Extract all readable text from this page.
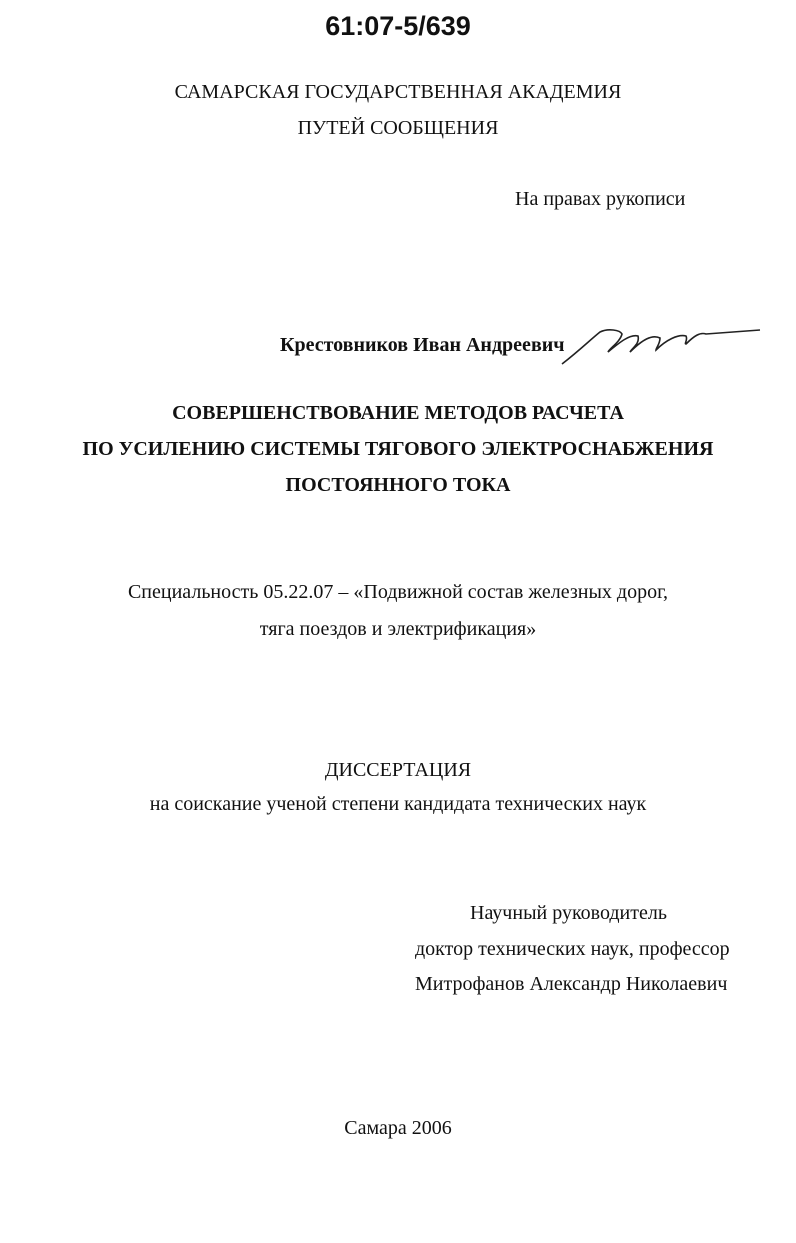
61:07-5/639
САМАРСКАЯ ГОСУДАРСТВЕННАЯ АКАДЕМИЯ
ПУТЕЙ СООБЩЕНИЯ
На правах рукописи
Крестовников Иван Андреевич
СОВЕРШЕНСТВОВАНИЕ МЕТОДОВ РАСЧЕТА
ПО УСИЛЕНИЮ СИСТЕМЫ ТЯГОВОГО ЭЛЕКТРОСНАБЖЕНИЯ
ПОСТОЯННОГО ТОКА
Специальность 05.22.07 – «Подвижной состав железных дорог,
тяга поездов и электрификация»
ДИССЕРТАЦИЯ
на соискание ученой степени кандидата технических наук
Научный руководитель
доктор технических наук, профессор
Митрофанов Александр Николаевич
Самара 2006
